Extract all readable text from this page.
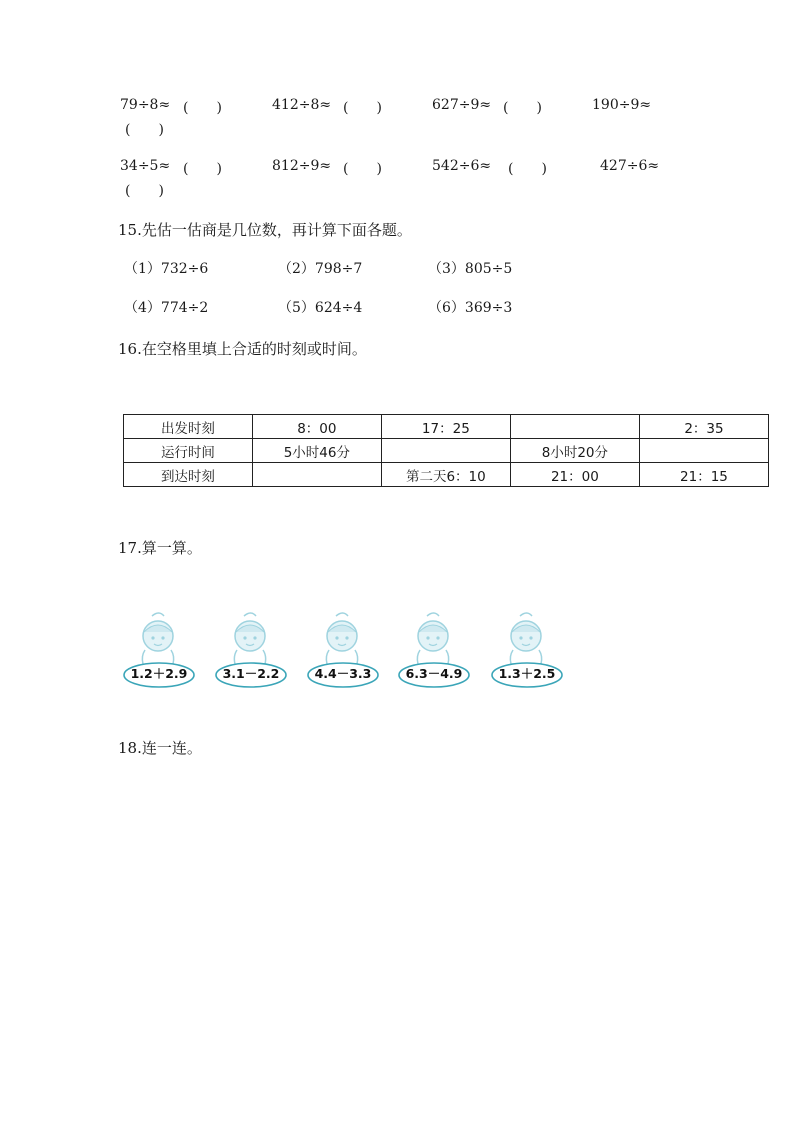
79÷8≈ (　　)	412÷8≈ (　　)	627÷9≈ (　　)	190÷9≈
(　　)
34÷5≈ (　　)	812÷9≈ (　　)	542÷6≈ (　　)	427÷6≈
(　　)
15.先估一估商是几位数，再计算下面各题。
（1）732÷6	（2）798÷7	（3）805÷5
（4）774÷2	（5）624÷4	（6）369÷3
16.在空格里填上合适的时刻或时间。
出发时刻	8：00	17：25		2：35
运行时间	5小时46分		8小时20分	
到达时刻		第二天6：10	21：00	21：15
17.算一算。
1.2＋2.9	3.1－2.2	4.4－3.3	6.3－4.9	1.3＋2.5
18.连一连。
